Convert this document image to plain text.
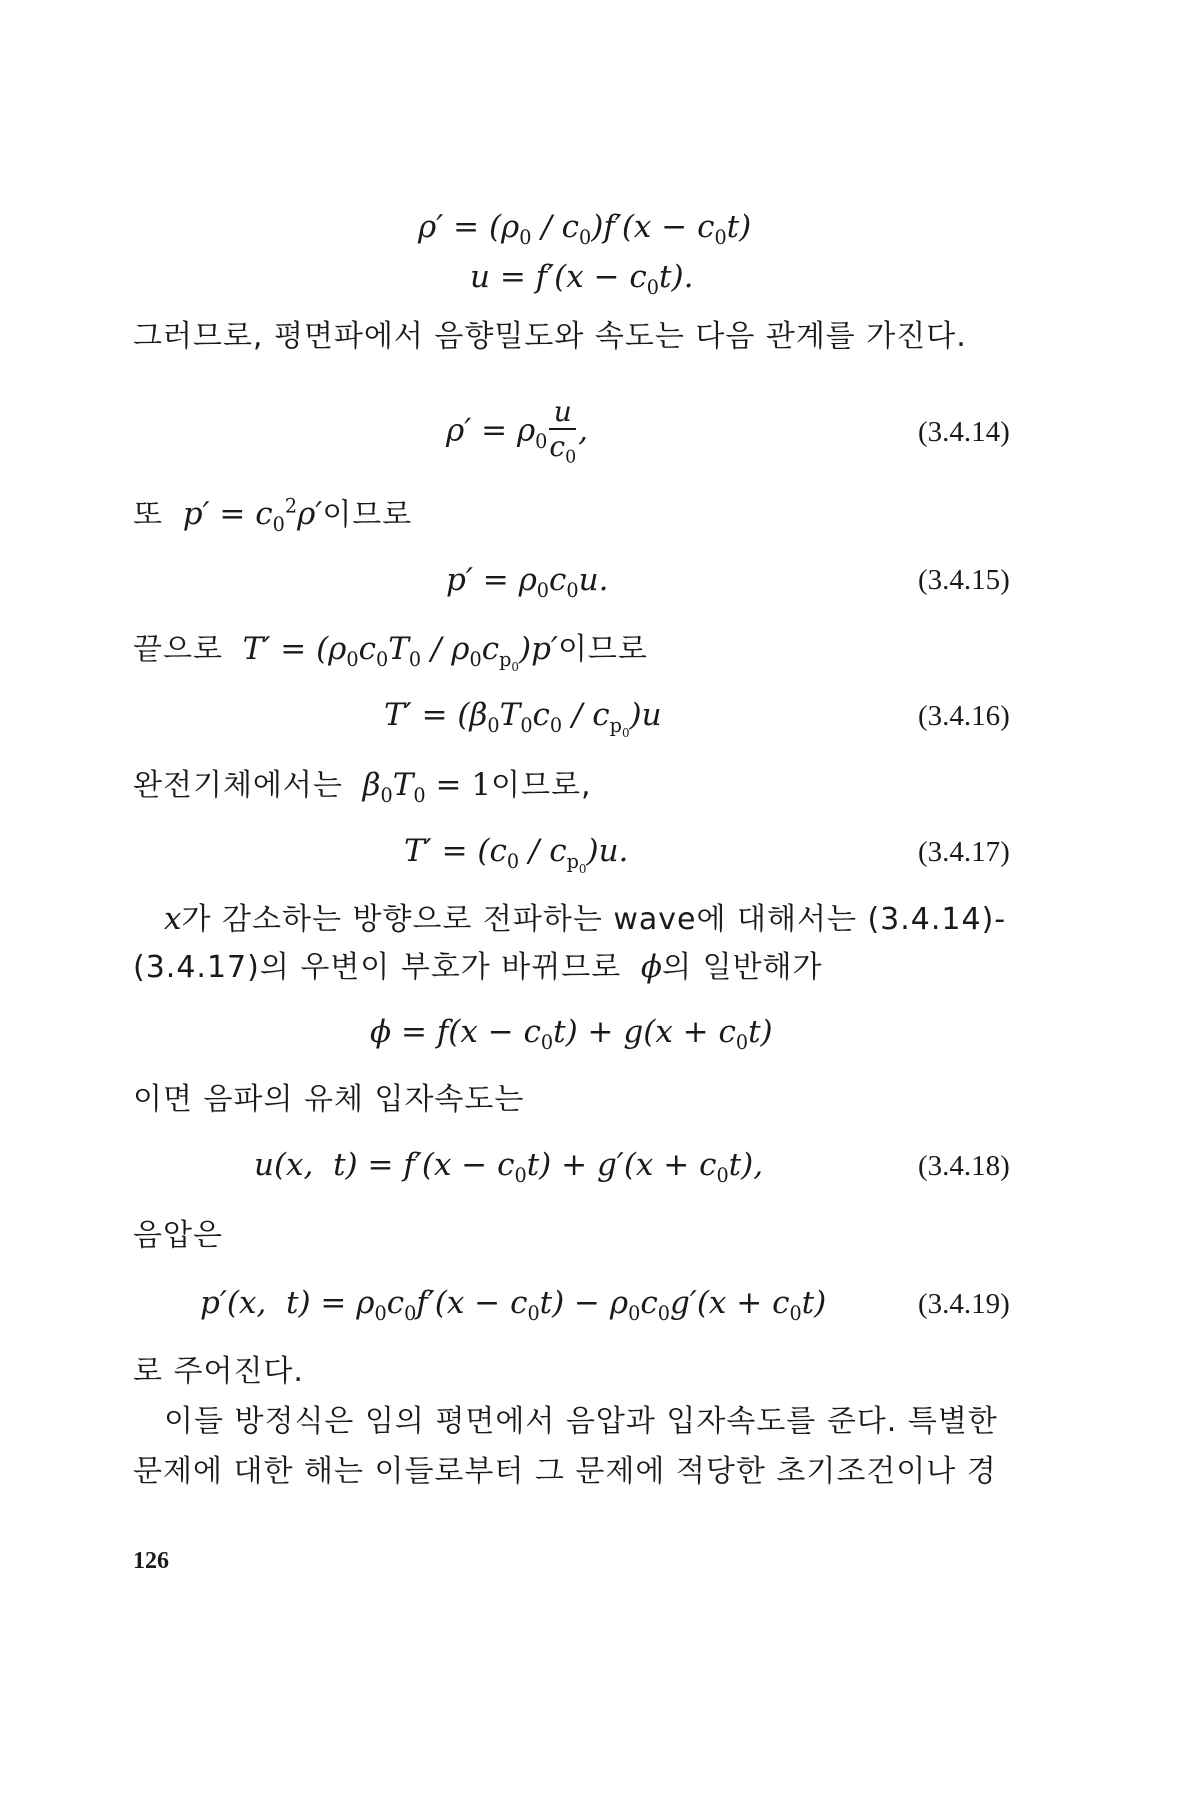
$\rho' = (\rho_0 / c_0)f'(x - c_0t)$
$u = f'(x - c_0t)$.
그러므로, 평면파에서 음향밀도와 속도는 다음 관계를 가진다.
$\rho' = \rho_0 \frac{u}{c_0}$ ,	(3.4.14)
또  $p' = c_0^2\rho'$이므로
$p' = \rho_0c_0u$.	(3.4.15)
끝으로  $T' = (\rho_0c_0T_0 / \rho_0c_{p_0})p'$이므로
$T' = (\beta_0T_0c_0 / c_{p_0})u$	(3.4.16)
완전기체에서는  $\beta_0T_0 = 1$이므로,
$T' = (c_0 / c_{p_0})u$.	(3.4.17)
x가 감소하는 방향으로 전파하는 wave에 대해서는 (3.4.14)-
(3.4.17)의 우변이 부호가 바뀌므로  ϕ의 일반해가
$\phi = f(x - c_0t) + g(x + c_0t)$
이면 음파의 유체 입자속도는
u(x,  $t) = f'(x - c_0t) + g'(x + c_0t)$,	(3.4.18)
음압은
p′(x,  $t) = \rho_0c_0f'(x - c_0t) - \rho_0c_0g'(x + c_0t)$	(3.4.19)
로 주어진다.
이들 방정식은 임의 평면에서 음압과 입자속도를 준다. 특별한
문제에 대한 해는 이들로부터 그 문제에 적당한 초기조건이나 경
126
